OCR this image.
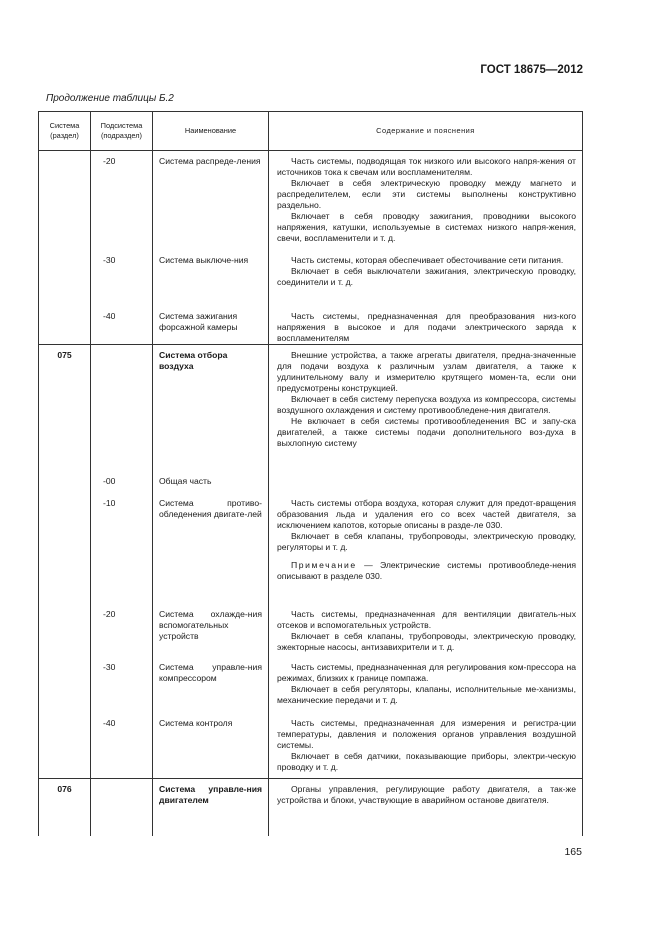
ГОСТ 18675—2012
Продолжение таблицы Б.2
Система (раздел)	Подсистема (подраздел)	Наименование	Содержание и пояснения
	-20	Система распреде-ления	Часть системы, подводящая ток низкого или высокого напря-жения от источников тока к свечам или воспламенителям.

Включает в себя электрическую проводку между магнето и распределителем, если эти системы выполнены конструктивно раздельно.

Включает в себя проводку зажигания, проводники высокого напряжения, катушки, используемые в системах низкого напря-жения, свечи, воспламенители и т. д.

	-30	Система выключе-ния	Часть системы, которая обеспечивает обесточивание сети питания.

Включает в себя выключатели зажигания, электрическую проводку, соединители и т. д.

	-40	Система зажигания форсажной камеры	Часть системы, предназначенная для преобразования низ-кого напряжения в высокое и для подачи электрического заряда к воспламенителям

075		Система отбора воздуха	Внешние устройства, а также агрегаты двигателя, предна-значенные для подачи воздуха к различным узлам двигателя, а также к удлинительному валу и измерителю крутящего момен-та, если они предусмотрены конструкцией.

Включает в себя систему перепуска воздуха из компрессора, системы воздушного охлаждения и систему противообледене-ния двигателя.

Не включает в себя системы противообледенения ВС и запу-ска двигателей, а также системы подачи дополнительного воз-духа в выхлопную систему

	-00	Общая часть	
	-10	Система противо-обледенения двигате-лей	Часть системы отбора воздуха, которая служит для предот-вращения образования льда и удаления его со всех частей двигателя, за исключением капотов, которые описаны в разде-ле 030.

Включает в себя клапаны, трубопроводы, электрическую проводку, регуляторы и т. д.

Примечание — Электрические системы противообледе-нения описывают в разделе 030.

	-20	Система охлажде-ния вспомогательных устройств	Часть системы, предназначенная для вентиляции двигатель-ных отсеков и вспомогательных устройств.

Включает в себя клапаны, трубопроводы, электрическую проводку, эжекторные насосы, антизавихрители и т. д.

	-30	Система управле-ния компрессором	Часть системы, предназначенная для регулирования ком-прессора на режимах, близких к границе помпажа.

Включает в себя регуляторы, клапаны, исполнительные ме-ханизмы, механические передачи и т. д.

	-40	Система контроля	Часть системы, предназначенная для измерения и регистра-ции температуры, давления и положения органов управления воздушной системы.

Включает в себя датчики, показывающие приборы, электри-ческую проводку и т. д.

076		Система управле-ния двигателем	Органы управления, регулирующие работу двигателя, а так-же устройства и блоки, участвующие в аварийном останове двигателя.

165
